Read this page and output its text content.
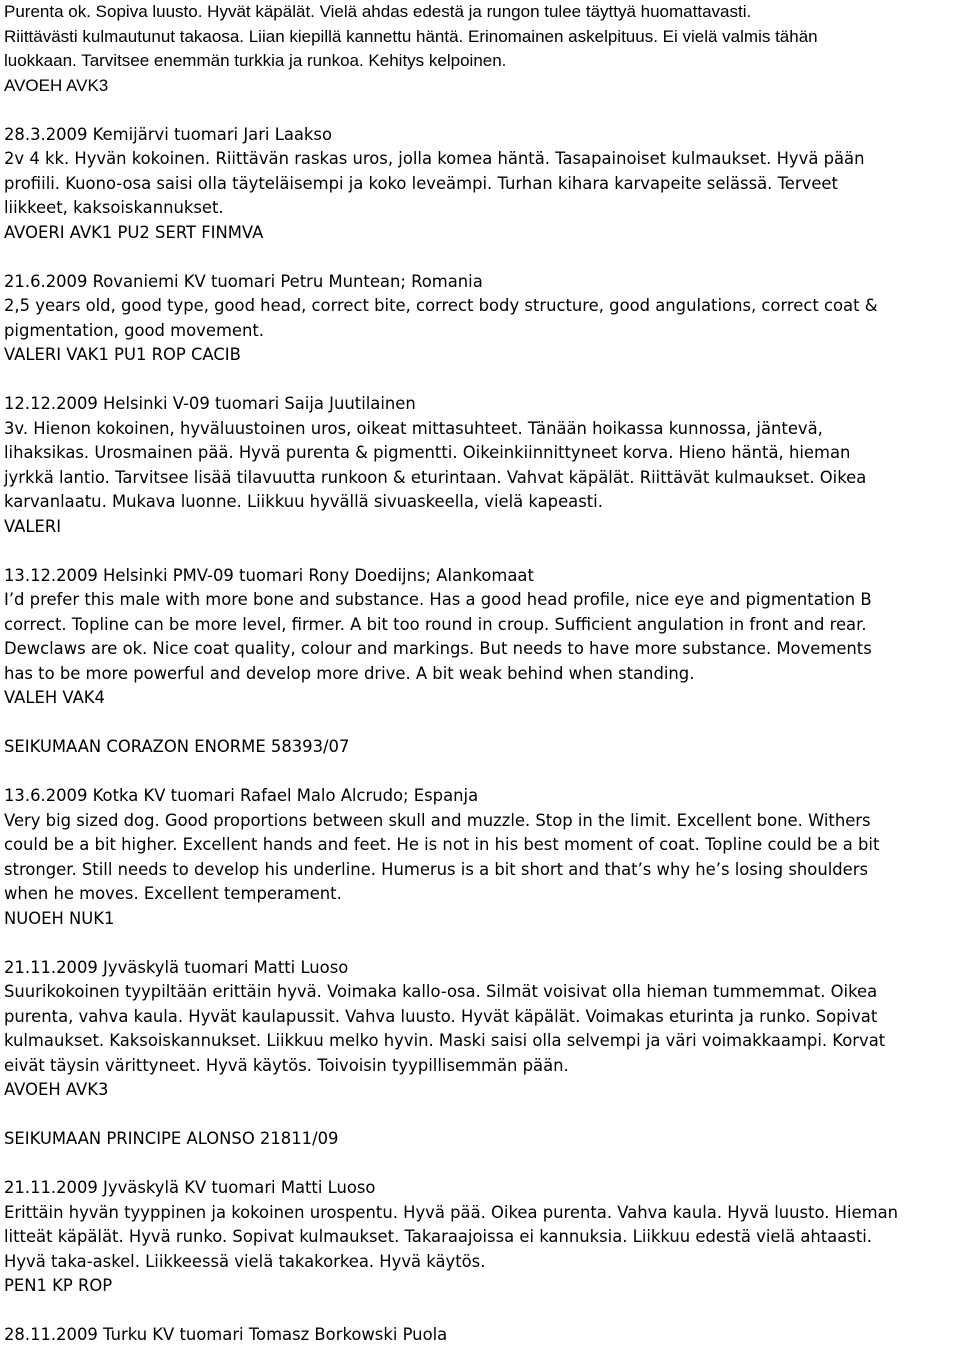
Purenta ok. Sopiva luusto. Hyvät käpälät. Vielä ahdas edestä ja rungon tulee täyttyä huomattavasti.
Riittävästi kulmautunut takaosa. Liian kiepillä kannettu häntä. Erinomainen askelpituus. Ei vielä valmis tähän
luokkaan. Tarvitsee enemmän turkkia ja runkoa. Kehitys kelpoinen.
AVOEH AVK3
28.3.2009 Kemijärvi tuomari Jari Laakso
2v 4 kk. Hyvän kokoinen. Riittävän raskas uros, jolla komea häntä. Tasapainoiset kulmaukset. Hyvä pään
profiili. Kuono-osa saisi olla täyteläisempi ja koko leveämpi. Turhan kihara karvapeite selässä. Terveet
liikkeet, kaksoiskannukset.
AVOERI AVK1 PU2 SERT FINMVA
21.6.2009 Rovaniemi KV tuomari Petru Muntean; Romania
2,5 years old, good type, good head, correct bite, correct body structure, good angulations, correct coat &
pigmentation, good movement.
VALERI VAK1 PU1 ROP CACIB
12.12.2009 Helsinki V-09 tuomari Saija Juutilainen
3v. Hienon kokoinen, hyväluustoinen uros, oikeat mittasuhteet. Tänään hoikassa kunnossa, jäntevä,
lihaksikas. Urosmainen pää. Hyvä purenta & pigmentti. Oikeinkiinnittyneet korva. Hieno häntä, hieman
jyrkkä lantio. Tarvitsee lisää tilavuutta runkoon & eturintaan. Vahvat käpälät. Riittävät kulmaukset. Oikea
karvanlaatu. Mukava luonne. Liikkuu hyvällä sivuaskeella, vielä kapeasti.
VALERI
13.12.2009 Helsinki PMV-09 tuomari Rony Doedijns; Alankomaat
I’d prefer this male with more bone and substance. Has a good head profile, nice eye and pigmentation B
correct. Topline can be more level, firmer. A bit too round in croup. Sufficient angulation in front and rear.
Dewclaws are ok. Nice coat quality, colour and markings. But needs to have more substance. Movements
has to be more powerful and develop more drive. A bit weak behind when standing.
VALEH VAK4
SEIKUMAAN CORAZON ENORME 58393/07
13.6.2009 Kotka KV tuomari Rafael Malo Alcrudo; Espanja
Very big sized dog. Good proportions between skull and muzzle. Stop in the limit. Excellent bone. Withers
could be a bit higher. Excellent hands and feet. He is not in his best moment of coat. Topline could be a bit
stronger. Still needs to develop his underline. Humerus is a bit short and that’s why he’s losing shoulders
when he moves. Excellent temperament.
NUOEH NUK1
21.11.2009 Jyväskylä tuomari Matti Luoso
Suurikokoinen tyypiltään erittäin hyvä. Voimaka kallo-osa. Silmät voisivat olla hieman tummemmat. Oikea
purenta, vahva kaula. Hyvät kaulapussit. Vahva luusto. Hyvät käpälät. Voimakas eturinta ja runko. Sopivat
kulmaukset. Kaksoiskannukset. Liikkuu melko hyvin. Maski saisi olla selvempi ja väri voimakkaampi. Korvat
eivät täysin värittyneet. Hyvä käytös. Toivoisin tyypillisemmän pään.
AVOEH AVK3
SEIKUMAAN PRINCIPE ALONSO 21811/09
21.11.2009 Jyväskylä KV tuomari Matti Luoso
Erittäin hyvän tyyppinen ja kokoinen urospentu. Hyvä pää. Oikea purenta. Vahva kaula. Hyvä luusto. Hieman
litteät käpälät. Hyvä runko. Sopivat kulmaukset. Takaraajoissa ei kannuksia. Liikkuu edestä vielä ahtaasti.
Hyvä taka-askel. Liikkeessä vielä takakorkea. Hyvä käytös.
PEN1 KP ROP
28.11.2009 Turku KV tuomari Tomasz Borkowski Puola
